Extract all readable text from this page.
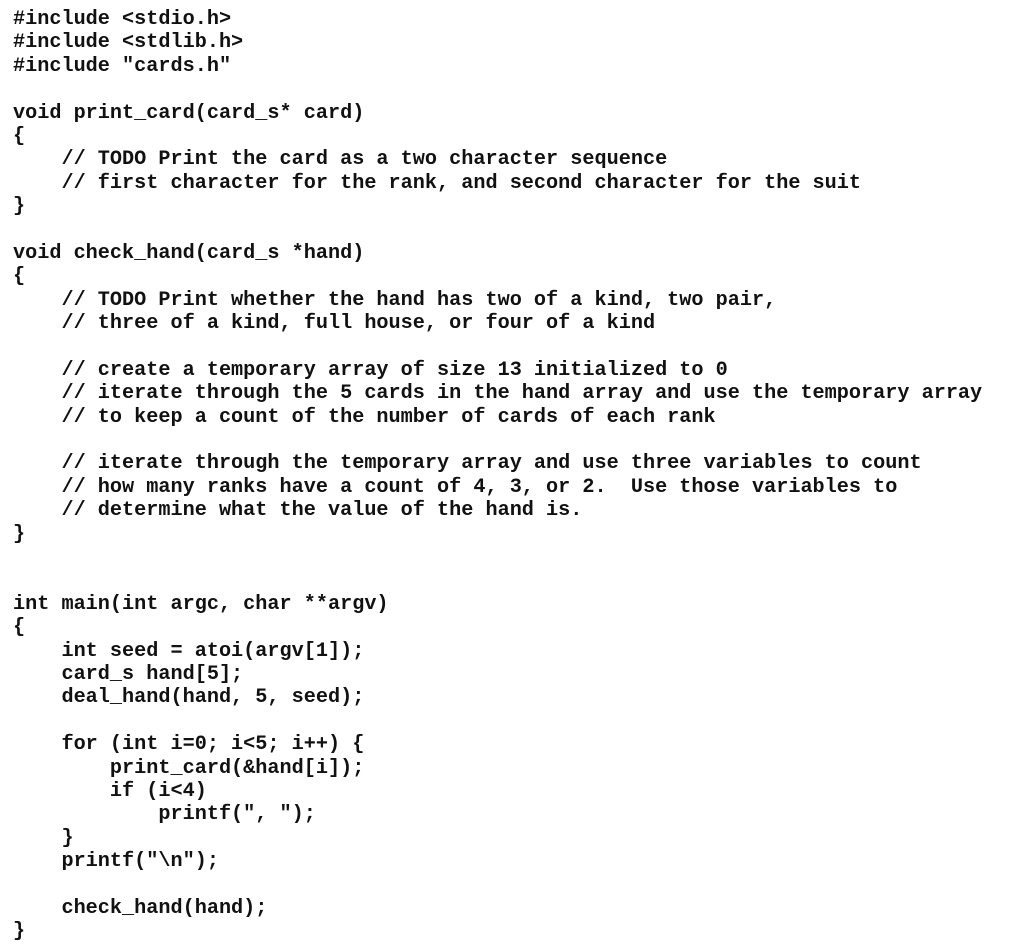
#include <stdio.h>
#include <stdlib.h>
#include "cards.h"
void print_card(card_s* card)
{
// TODO Print the card as a two character sequence
// first character for the rank, and second character for the suit
}
void check_hand(card_s *hand)
{
// TODO Print whether the hand has two of a kind, two pair,
// three of a kind, full house, or four of a kind
// create a temporary array of size 13 initialized to 0
// iterate through the 5 cards in the hand array and use the temporary array
// to keep a count of the number of cards of each rank
// iterate through the temporary array and use three variables to count
// how many ranks have a count of 4, 3, or 2.  Use those variables to
// determine what the value of the hand is.
}
int main(int argc, char **argv)
{
int seed = atoi(argv[1]);
card_s hand[5];
deal_hand(hand, 5, seed);
for (int i=0; i<5; i++) {
print_card(&hand[i]);
if (i<4)
printf(", ");
}
printf("\n");
check_hand(hand);
}
